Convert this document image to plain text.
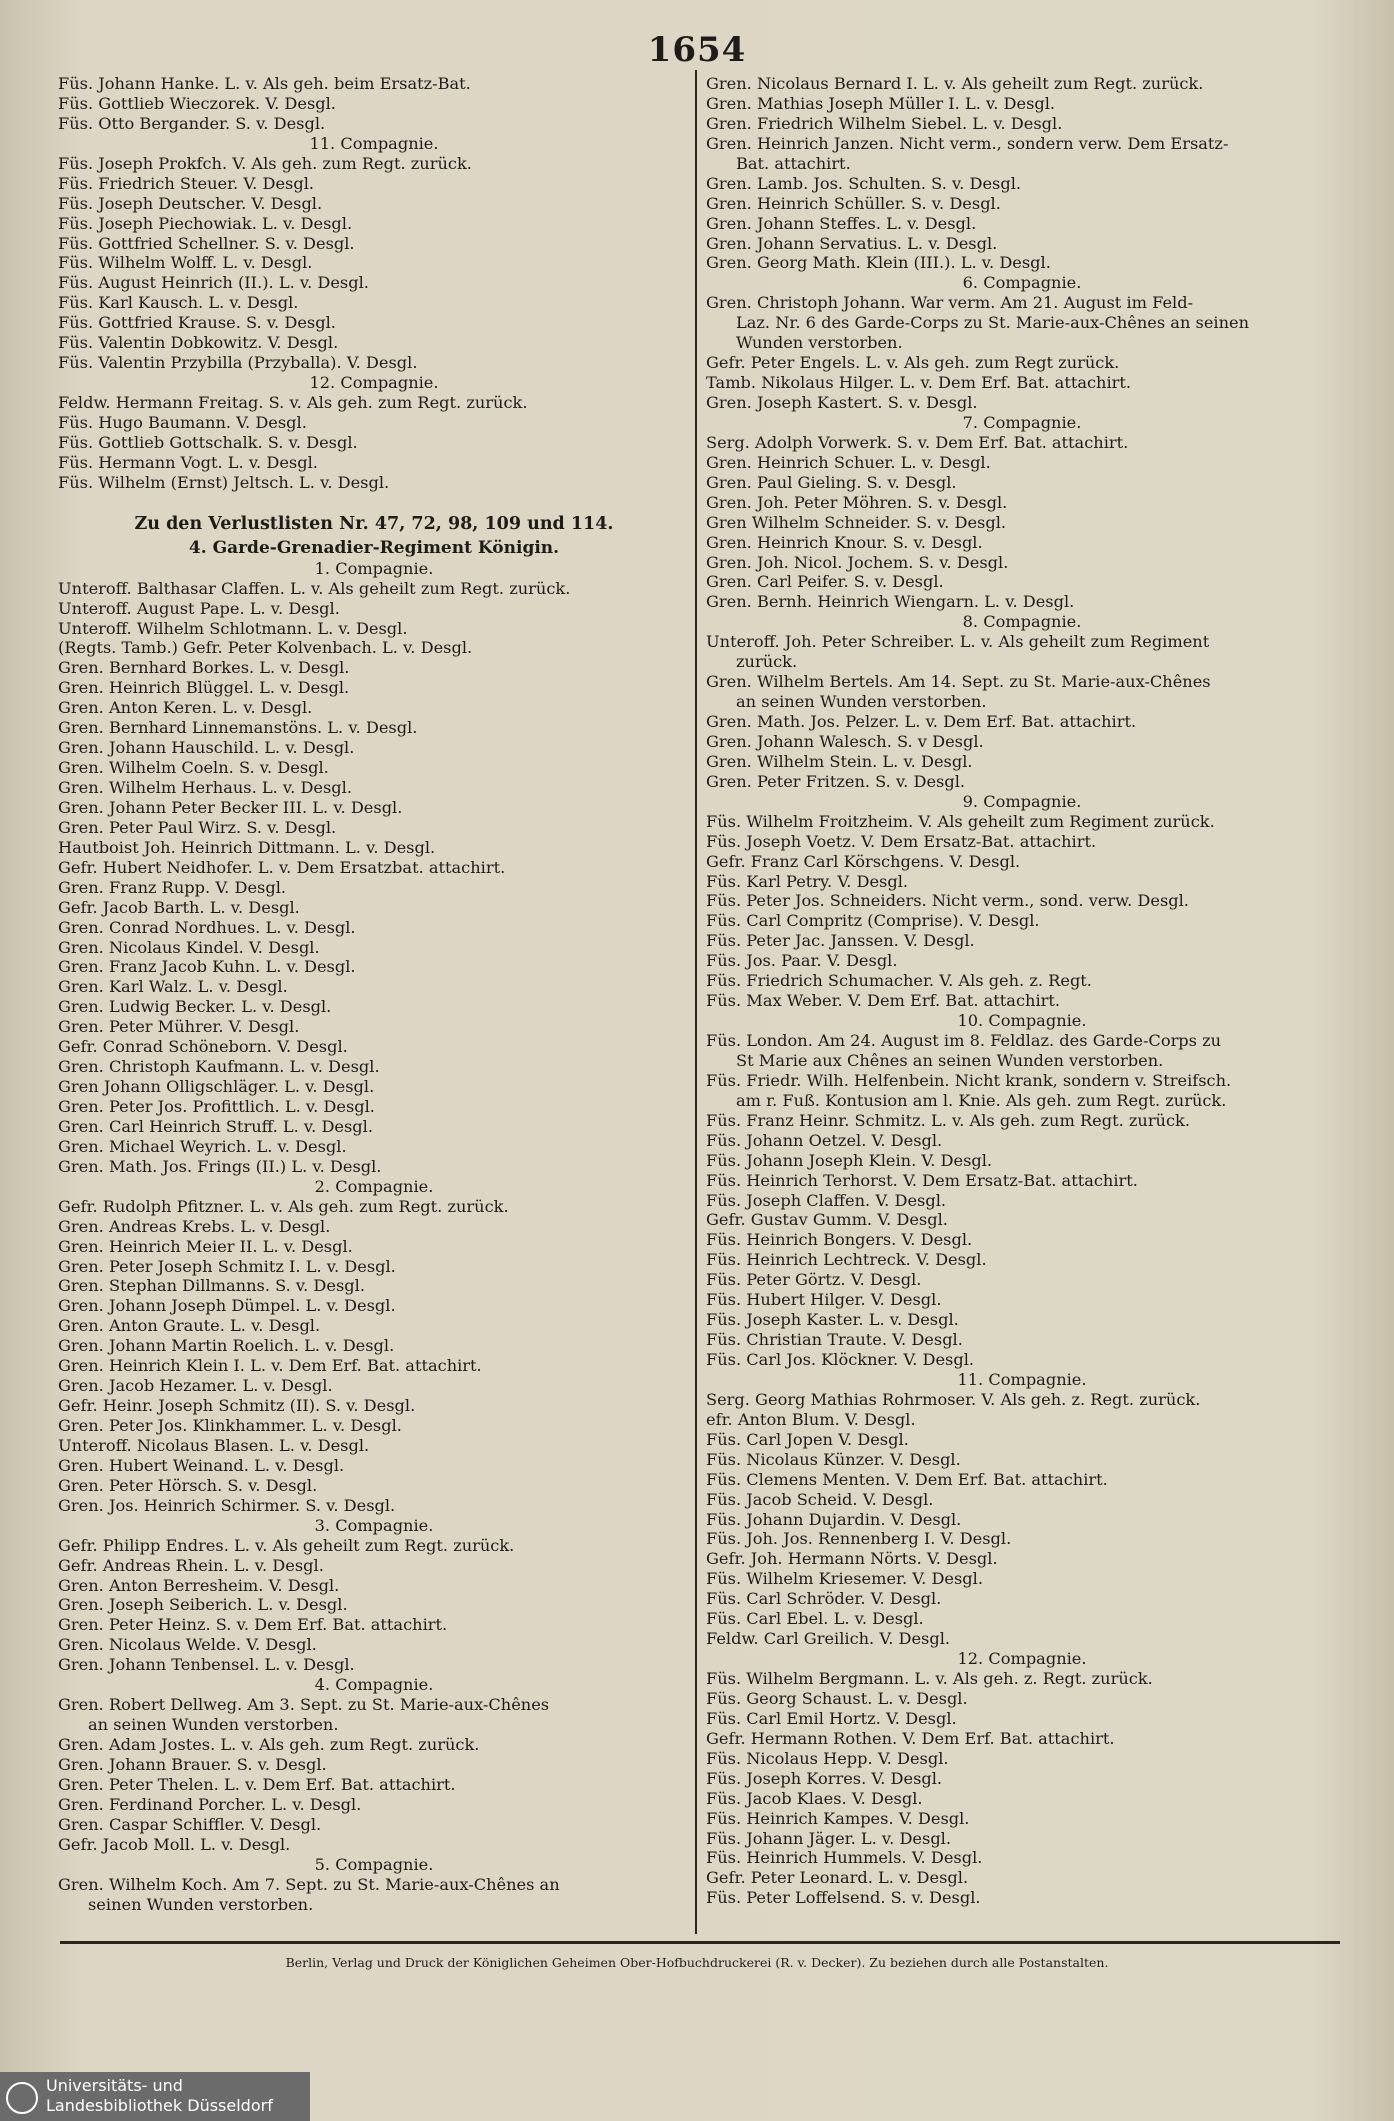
1654
Füs. Johann Hanke. L. v. Als geh. beim Ersatz-Bat.
Füs. Gottlieb Wieczorek. V. Desgl.
Füs. Otto Bergander. S. v. Desgl.
11. Compagnie.
Füs. Joseph Prokfch. V. Als geh. zum Regt. zurück.
Füs. Friedrich Steuer. V. Desgl.
Füs. Joseph Deutscher. V. Desgl.
Füs. Joseph Piechowiak. L. v. Desgl.
Füs. Gottfried Schellner. S. v. Desgl.
Füs. Wilhelm Wolff. L. v. Desgl.
Füs. August Heinrich (II.). L. v. Desgl.
Füs. Karl Kausch. L. v. Desgl.
Füs. Gottfried Krause. S. v. Desgl.
Füs. Valentin Dobkowitz. V. Desgl.
Füs. Valentin Przybilla (Przyballa). V. Desgl.
12. Compagnie.
Feldw. Hermann Freitag. S. v. Als geh. zum Regt. zurück.
Füs. Hugo Baumann. V. Desgl.
Füs. Gottlieb Gottschalk. S. v. Desgl.
Füs. Hermann Vogt. L. v. Desgl.
Füs. Wilhelm (Ernst) Jeltsch. L. v. Desgl.
Zu den Verlustlisten Nr. 47, 72, 98, 109 und 114.
4. Garde-Grenadier-Regiment Königin.
1. Compagnie.
Unteroff. Balthasar Claffen. L. v. Als geheilt zum Regt. zurück.
Unteroff. August Pape. L. v. Desgl.
Unteroff. Wilhelm Schlotmann. L. v. Desgl.
(Regts. Tamb.) Gefr. Peter Kolvenbach. L. v. Desgl.
Gren. Bernhard Borkes. L. v. Desgl.
Gren. Heinrich Blüggel. L. v. Desgl.
Gren. Anton Keren. L. v. Desgl.
Gren. Bernhard Linnemanstöns. L. v. Desgl.
Gren. Johann Hauschild. L. v. Desgl.
Gren. Wilhelm Coeln. S. v. Desgl.
Gren. Wilhelm Herhaus. L. v. Desgl.
Gren. Johann Peter Becker III. L. v. Desgl.
Gren. Peter Paul Wirz. S. v. Desgl.
Hautboist Joh. Heinrich Dittmann. L. v. Desgl.
Gefr. Hubert Neidhofer. L. v. Dem Ersatzbat. attachirt.
Gren. Franz Rupp. V. Desgl.
Gefr. Jacob Barth. L. v. Desgl.
Gren. Conrad Nordhues. L. v. Desgl.
Gren. Nicolaus Kindel. V. Desgl.
Gren. Franz Jacob Kuhn. L. v. Desgl.
Gren. Karl Walz. L. v. Desgl.
Gren. Ludwig Becker. L. v. Desgl.
Gren. Peter Mührer. V. Desgl.
Gefr. Conrad Schöneborn. V. Desgl.
Gren. Christoph Kaufmann. L. v. Desgl.
Gren Johann Olligschläger. L. v. Desgl.
Gren. Peter Jos. Profittlich. L. v. Desgl.
Gren. Carl Heinrich Struff. L. v. Desgl.
Gren. Michael Weyrich. L. v. Desgl.
Gren. Math. Jos. Frings (II.) L. v. Desgl.
2. Compagnie.
Gefr. Rudolph Pfitzner. L. v. Als geh. zum Regt. zurück.
Gren. Andreas Krebs. L. v. Desgl.
Gren. Heinrich Meier II. L. v. Desgl.
Gren. Peter Joseph Schmitz I. L. v. Desgl.
Gren. Stephan Dillmanns. S. v. Desgl.
Gren. Johann Joseph Dümpel. L. v. Desgl.
Gren. Anton Graute. L. v. Desgl.
Gren. Johann Martin Roelich. L. v. Desgl.
Gren. Heinrich Klein I. L. v. Dem Erf. Bat. attachirt.
Gren. Jacob Hezamer. L. v. Desgl.
Gefr. Heinr. Joseph Schmitz (II). S. v. Desgl.
Gren. Peter Jos. Klinkhammer. L. v. Desgl.
Unteroff. Nicolaus Blasen. L. v. Desgl.
Gren. Hubert Weinand. L. v. Desgl.
Gren. Peter Hörsch. S. v. Desgl.
Gren. Jos. Heinrich Schirmer. S. v. Desgl.
3. Compagnie.
Gefr. Philipp Endres. L. v. Als geheilt zum Regt. zurück.
Gefr. Andreas Rhein. L. v. Desgl.
Gren. Anton Berresheim. V. Desgl.
Gren. Joseph Seiberich. L. v. Desgl.
Gren. Peter Heinz. S. v. Dem Erf. Bat. attachirt.
Gren. Nicolaus Welde. V. Desgl.
Gren. Johann Tenbensel. L. v. Desgl.
4. Compagnie.
Gren. Robert Dellweg. Am 3. Sept. zu St. Marie-aux-Chênes
an seinen Wunden verstorben.
Gren. Adam Jostes. L. v. Als geh. zum Regt. zurück.
Gren. Johann Brauer. S. v. Desgl.
Gren. Peter Thelen. L. v. Dem Erf. Bat. attachirt.
Gren. Ferdinand Porcher. L. v. Desgl.
Gren. Caspar Schiffler. V. Desgl.
Gefr. Jacob Moll. L. v. Desgl.
5. Compagnie.
Gren. Wilhelm Koch. Am 7. Sept. zu St. Marie-aux-Chênes an
seinen Wunden verstorben.
Gren. Nicolaus Bernard I. L. v. Als geheilt zum Regt. zurück.
Gren. Mathias Joseph Müller I. L. v. Desgl.
Gren. Friedrich Wilhelm Siebel. L. v. Desgl.
Gren. Heinrich Janzen. Nicht verm., sondern verw. Dem Ersatz-
Bat. attachirt.
Gren. Lamb. Jos. Schulten. S. v. Desgl.
Gren. Heinrich Schüller. S. v. Desgl.
Gren. Johann Steffes. L. v. Desgl.
Gren. Johann Servatius. L. v. Desgl.
Gren. Georg Math. Klein (III.). L. v. Desgl.
6. Compagnie.
Gren. Christoph Johann. War verm. Am 21. August im Feld-
Laz. Nr. 6 des Garde-Corps zu St. Marie-aux-Chênes an seinen
Wunden verstorben.
Gefr. Peter Engels. L. v. Als geh. zum Regt zurück.
Tamb. Nikolaus Hilger. L. v. Dem Erf. Bat. attachirt.
Gren. Joseph Kastert. S. v. Desgl.
7. Compagnie.
Serg. Adolph Vorwerk. S. v. Dem Erf. Bat. attachirt.
Gren. Heinrich Schuer. L. v. Desgl.
Gren. Paul Gieling. S. v. Desgl.
Gren. Joh. Peter Möhren. S. v. Desgl.
Gren Wilhelm Schneider. S. v. Desgl.
Gren. Heinrich Knour. S. v. Desgl.
Gren. Joh. Nicol. Jochem. S. v. Desgl.
Gren. Carl Peifer. S. v. Desgl.
Gren. Bernh. Heinrich Wiengarn. L. v. Desgl.
8. Compagnie.
Unteroff. Joh. Peter Schreiber. L. v. Als geheilt zum Regiment
zurück.
Gren. Wilhelm Bertels. Am 14. Sept. zu St. Marie-aux-Chênes
an seinen Wunden verstorben.
Gren. Math. Jos. Pelzer. L. v. Dem Erf. Bat. attachirt.
Gren. Johann Walesch. S. v Desgl.
Gren. Wilhelm Stein. L. v. Desgl.
Gren. Peter Fritzen. S. v. Desgl.
9. Compagnie.
Füs. Wilhelm Froitzheim. V. Als geheilt zum Regiment zurück.
Füs. Joseph Voetz. V. Dem Ersatz-Bat. attachirt.
Gefr. Franz Carl Körschgens. V. Desgl.
Füs. Karl Petry. V. Desgl.
Füs. Peter Jos. Schneiders. Nicht verm., sond. verw. Desgl.
Füs. Carl Compritz (Comprise). V. Desgl.
Füs. Peter Jac. Janssen. V. Desgl.
Füs. Jos. Paar. V. Desgl.
Füs. Friedrich Schumacher. V. Als geh. z. Regt.
Füs. Max Weber. V. Dem Erf. Bat. attachirt.
10. Compagnie.
Füs. London. Am 24. August im 8. Feldlaz. des Garde-Corps zu
St Marie aux Chênes an seinen Wunden verstorben.
Füs. Friedr. Wilh. Helfenbein. Nicht krank, sondern v. Streifsch.
am r. Fuß. Kontusion am l. Knie. Als geh. zum Regt. zurück.
Füs. Franz Heinr. Schmitz. L. v. Als geh. zum Regt. zurück.
Füs. Johann Oetzel. V. Desgl.
Füs. Johann Joseph Klein. V. Desgl.
Füs. Heinrich Terhorst. V. Dem Ersatz-Bat. attachirt.
Füs. Joseph Claffen. V. Desgl.
Gefr. Gustav Gumm. V. Desgl.
Füs. Heinrich Bongers. V. Desgl.
Füs. Heinrich Lechtreck. V. Desgl.
Füs. Peter Görtz. V. Desgl.
Füs. Hubert Hilger. V. Desgl.
Füs. Joseph Kaster. L. v. Desgl.
Füs. Christian Traute. V. Desgl.
Füs. Carl Jos. Klöckner. V. Desgl.
11. Compagnie.
Serg. Georg Mathias Rohrmoser. V. Als geh. z. Regt. zurück.
efr. Anton Blum. V. Desgl.
Füs. Carl Jopen V. Desgl.
Füs. Nicolaus Künzer. V. Desgl.
Füs. Clemens Menten. V. Dem Erf. Bat. attachirt.
Füs. Jacob Scheid. V. Desgl.
Füs. Johann Dujardin. V. Desgl.
Füs. Joh. Jos. Rennenberg I. V. Desgl.
Gefr. Joh. Hermann Nörts. V. Desgl.
Füs. Wilhelm Kriesemer. V. Desgl.
Füs. Carl Schröder. V. Desgl.
Füs. Carl Ebel. L. v. Desgl.
Feldw. Carl Greilich. V. Desgl.
12. Compagnie.
Füs. Wilhelm Bergmann. L. v. Als geh. z. Regt. zurück.
Füs. Georg Schaust. L. v. Desgl.
Füs. Carl Emil Hortz. V. Desgl.
Gefr. Hermann Rothen. V. Dem Erf. Bat. attachirt.
Füs. Nicolaus Hepp. V. Desgl.
Füs. Joseph Korres. V. Desgl.
Füs. Jacob Klaes. V. Desgl.
Füs. Heinrich Kampes. V. Desgl.
Füs. Johann Jäger. L. v. Desgl.
Füs. Heinrich Hummels. V. Desgl.
Gefr. Peter Leonard. L. v. Desgl.
Füs. Peter Loffelsend. S. v. Desgl.
Berlin, Verlag und Druck der Königlichen Geheimen Ober-Hofbuchdruckerei (R. v. Decker). Zu beziehen durch alle Postanstalten.
Universitäts- und
Landesbibliothek Düsseldorf
